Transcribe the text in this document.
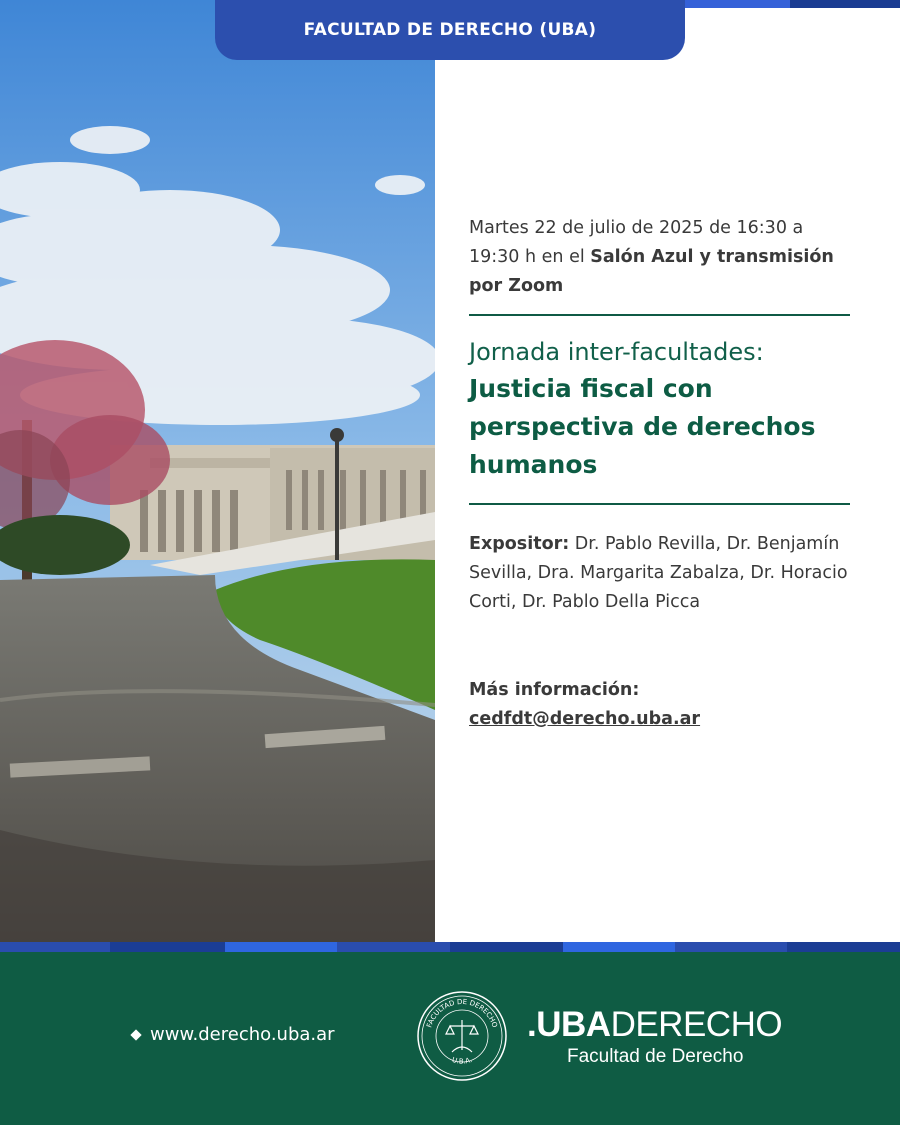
FACULTAD DE DERECHO (UBA)

Martes 22 de julio de 2025 de 16:30 a 19:30 h en el Salón Azul y transmisión por Zoom

Jornada inter-facultades:
Justicia fiscal con perspectiva de derechos humanos
Expositor: Dr. Pablo Revilla, Dr. Benjamín Sevilla, Dra. Margarita Zabalza, Dr. Horacio Corti, Dr. Pablo Della Picca
Más información:
cedfdt@derecho.uba.ar
www.derecho.uba.ar	FACULTAD DE DERECHO
U.B.A.
.UBADERECHO
Facultad de Derecho
